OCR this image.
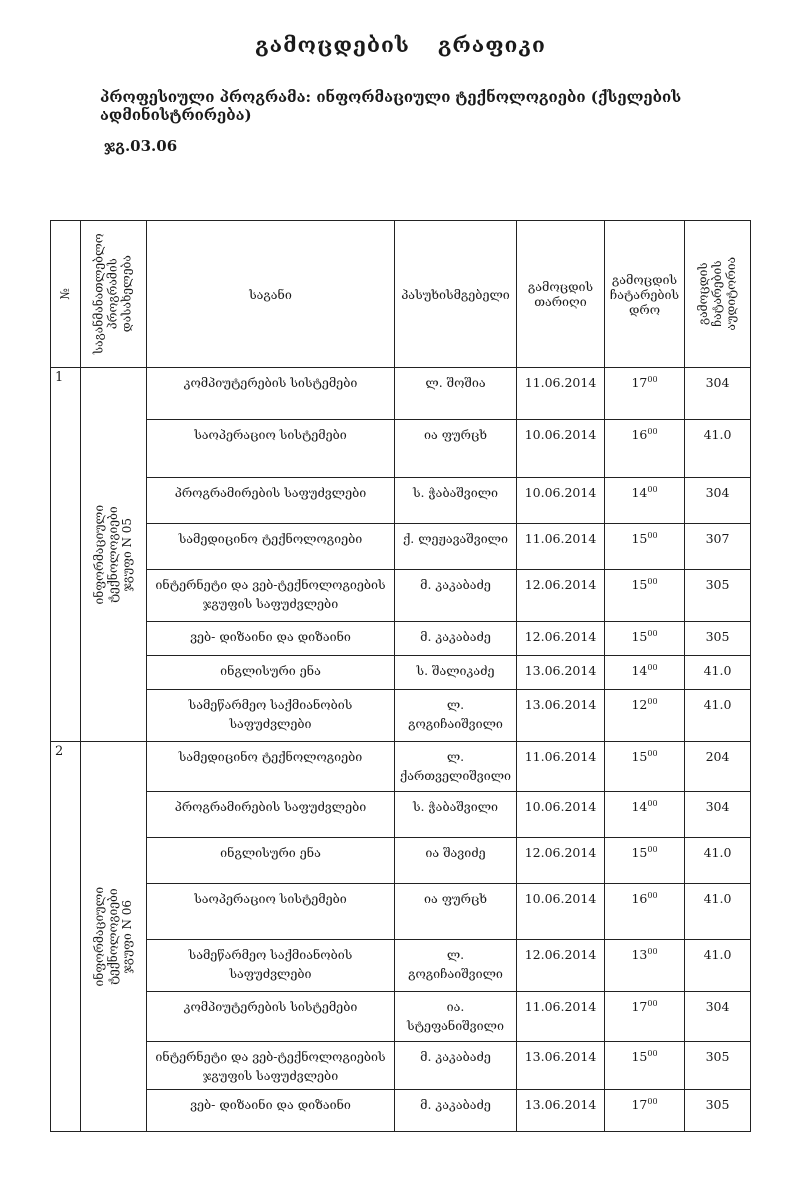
გამოცდების გრაფიკი
პროფესიული პროგრამა: ინფორმაციული ტექნოლოგიები (ქსელების ადმინისტრირება)
ჯგ.03.06
№	საგანმანათლებლო პროგრამის დასახელება	საგანი	პასუხისმგებელი	გამოცდის თარიღი	გამოცდის ჩატარების დრო	გამოცდის ჩატარების აუდიტორია

1	ინფორმაციული ტექნოლოგიები ჯგუფი N 05	კომპიუტერების სისტემები	ლ. შოშია	11.06.2014	$17^{00}$	304
		საოპერაციო სისტემები	ია ფურცხ	10.06.2014	$16^{00}$	41.0
		პროგრამირების საფუძვლები	ს. ჭაბაშვილი	10.06.2014	$14^{00}$	304
		სამედიცინო ტექნოლოგიები	ქ. ლეჟავაშვილი	11.06.2014	$15^{00}$	307
		ინტერნეტი და ვებ-ტექნოლოგიების ჯგუფის საფუძვლები	მ. კაკაბაძე	12.06.2014	$15^{00}$	305
		ვებ- დიზაინი და დიზაინი	მ. კაკაბაძე	12.06.2014	$15^{00}$	305
		ინგლისური ენა	ს. შალიკაძე	13.06.2014	$14^{00}$	41.0
		სამეწარმეო საქმიანობის საფუძვლები	ლ. გოგიჩაიშვილი	13.06.2014	$12^{00}$	41.0
2	ინფორმაციული ტექნოლოგიები ჯგუფი N 06	სამედიცინო ტექნოლოგიები	ლ. ქართველიშვილი	11.06.2014	$15^{00}$	204
		პროგრამირების საფუძვლები	ს. ჭაბაშვილი	10.06.2014	$14^{00}$	304
		ინგლისური ენა	ია შავიძე	12.06.2014	$15^{00}$	41.0
		საოპერაციო სისტემები	ია ფურცხ	10.06.2014	$16^{00}$	41.0
		სამეწარმეო საქმიანობის საფუძვლები	ლ. გოგიჩაიშვილი	12.06.2014	$13^{00}$	41.0
		კომპიუტერების სისტემები	ია. სტეფანიშვილი	11.06.2014	$17^{00}$	304
		ინტერნეტი და ვებ-ტექნოლოგიების ჯგუფის საფუძვლები	მ. კაკაბაძე	13.06.2014	$15^{00}$	305
		ვებ- დიზაინი და დიზაინი	მ. კაკაბაძე	13.06.2014	$17^{00}$	305
